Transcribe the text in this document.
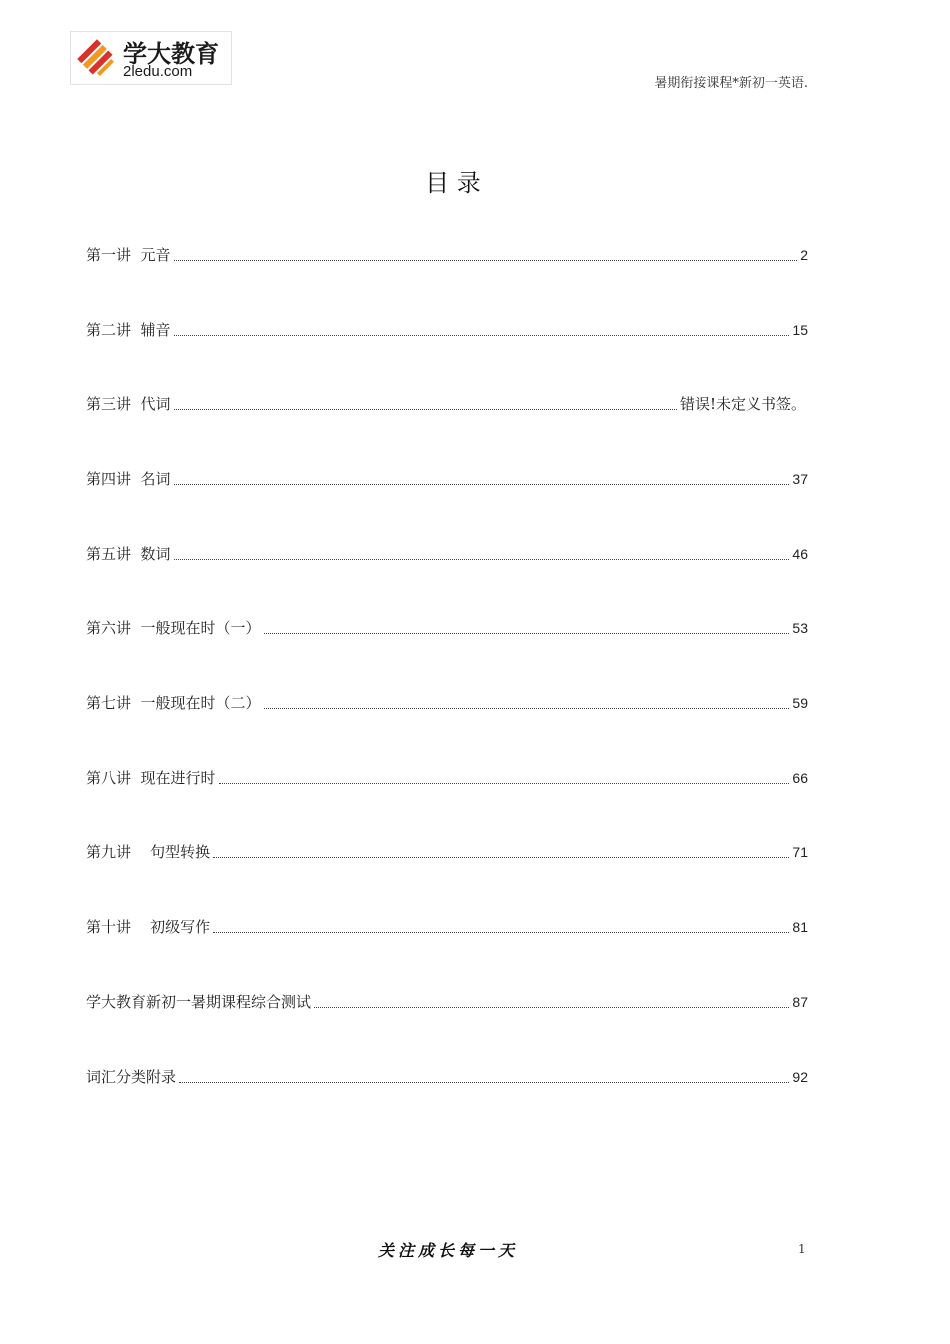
学大教育
2ledu.com
暑期衔接课程*新初一英语.
目 录
第一讲  元音	2
第二讲  辅音	15
第三讲  代词	错误!未定义书签。
第四讲  名词	37
第五讲  数词	46
第六讲  一般现在时（一）	53
第七讲  一般现在时（二）	59
第八讲  现在进行时	66
第九讲    句型转换	71
第十讲    初级写作	81
学大教育新初一暑期课程综合测试	87
词汇分类附录	92
关注成长每一天	1
